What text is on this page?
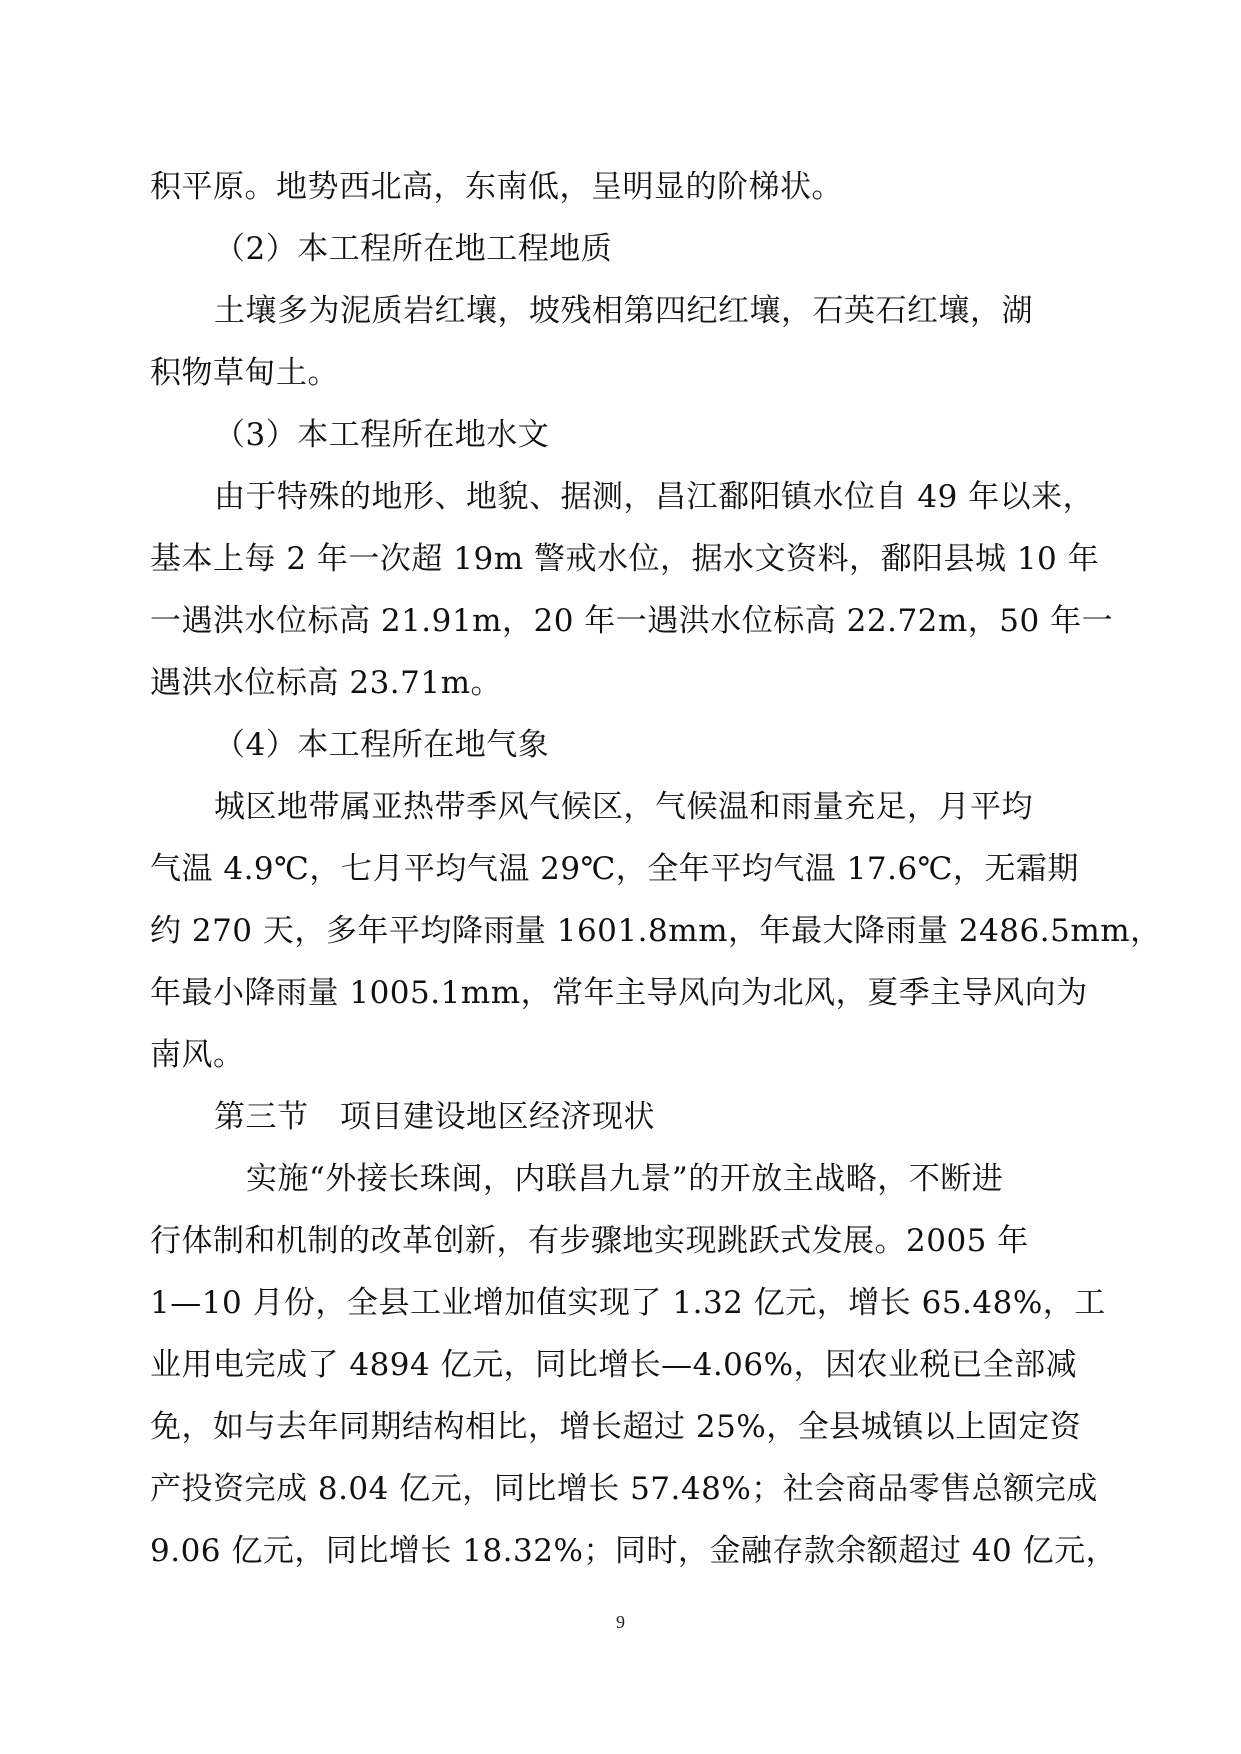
积平原。地势西北高，东南低，呈明显的阶梯状。
（2）本工程所在地工程地质
土壤多为泥质岩红壤，坡残相第四纪红壤，石英石红壤，湖
积物草甸土。
（3）本工程所在地水文
由于特殊的地形、地貌、据测，昌江鄱阳镇水位自 49 年以来，
基本上每 2 年一次超 19m 警戒水位，据水文资料，鄱阳县城 10 年
一遇洪水位标高 21.91m，20 年一遇洪水位标高 22.72m，50 年一
遇洪水位标高 23.71m。
（4）本工程所在地气象
城区地带属亚热带季风气候区，气候温和雨量充足，月平均
气温 4.9℃，七月平均气温 29℃，全年平均气温 17.6℃，无霜期
约 270 天，多年平均降雨量 1601.8mm，年最大降雨量 2486.5mm，
年最小降雨量 1005.1mm，常年主导风向为北风，夏季主导风向为
南风。
第三节　项目建设地区经济现状
实施“外接长珠闽，内联昌九景”的开放主战略，不断进
行体制和机制的改革创新，有步骤地实现跳跃式发展。2005 年
1—10 月份，全县工业增加值实现了 1.32 亿元，增长 65.48%，工
业用电完成了 4894 亿元，同比增长—4.06%，因农业税已全部减
免，如与去年同期结构相比，增长超过 25%，全县城镇以上固定资
产投资完成 8.04 亿元，同比增长 57.48%；社会商品零售总额完成
9.06 亿元，同比增长 18.32%；同时，金融存款余额超过 40 亿元，
9
